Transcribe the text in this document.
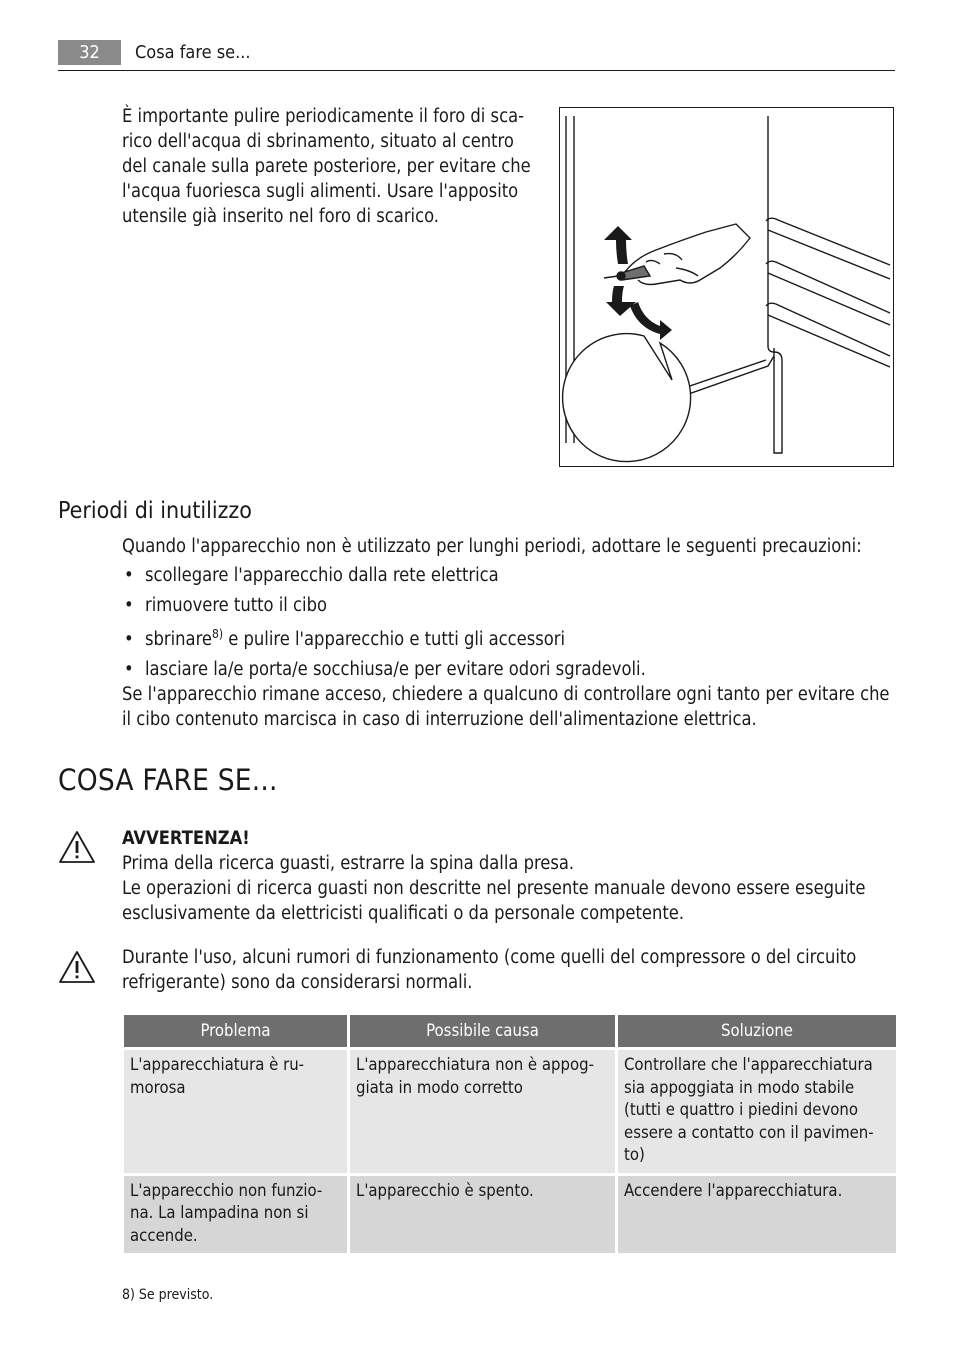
32	Cosa fare se...
È importante pulire periodicamente il foro di sca-
rico dell'acqua di sbrinamento, situato al centro
del canale sulla parete posteriore, per evitare che
l'acqua fuoriesca sugli alimenti. Usare l'apposito
utensile già inserito nel foro di scarico.
Periodi di inutilizzo

Quando l'apparecchio non è utilizzato per lunghi periodi, adottare le seguenti precauzioni:

• scollegare l'apparecchio dalla rete elettrica
• rimuovere tutto il cibo
• sbrinare$^{8)}$ e pulire l'apparecchio e tutti gli accessori
• lasciare la/e porta/e socchiusa/e per evitare odori sgradevoli.

Se l'apparecchio rimane acceso, chiedere a qualcuno di controllare ogni tanto per evitare che il cibo contenuto marcisca in caso di interruzione dell'alimentazione elettrica.

COSA FARE SE...
AVVERTENZA!
Prima della ricerca guasti, estrarre la spina dalla presa.
Le operazioni di ricerca guasti non descritte nel presente manuale devono essere eseguite esclusivamente da elettricisti qualificati o da personale competente.

Durante l'uso, alcuni rumori di funzionamento (come quelli del compressore o del circuito refrigerante) sono da considerarsi normali.

Problema	Possibile causa	Soluzione
L'apparecchiatura è ru-morosa	L'apparecchiatura non è appog-giata in modo corretto	Controllare che l'apparecchiatura sia appoggiata in modo stabile (tutti e quattro i piedini devono essere a contatto con il pavimen-to)
L'apparecchio non funzio-na. La lampadina non si accende.	L'apparecchio è spento.	Accendere l'apparecchiatura.

8) Se previsto.
